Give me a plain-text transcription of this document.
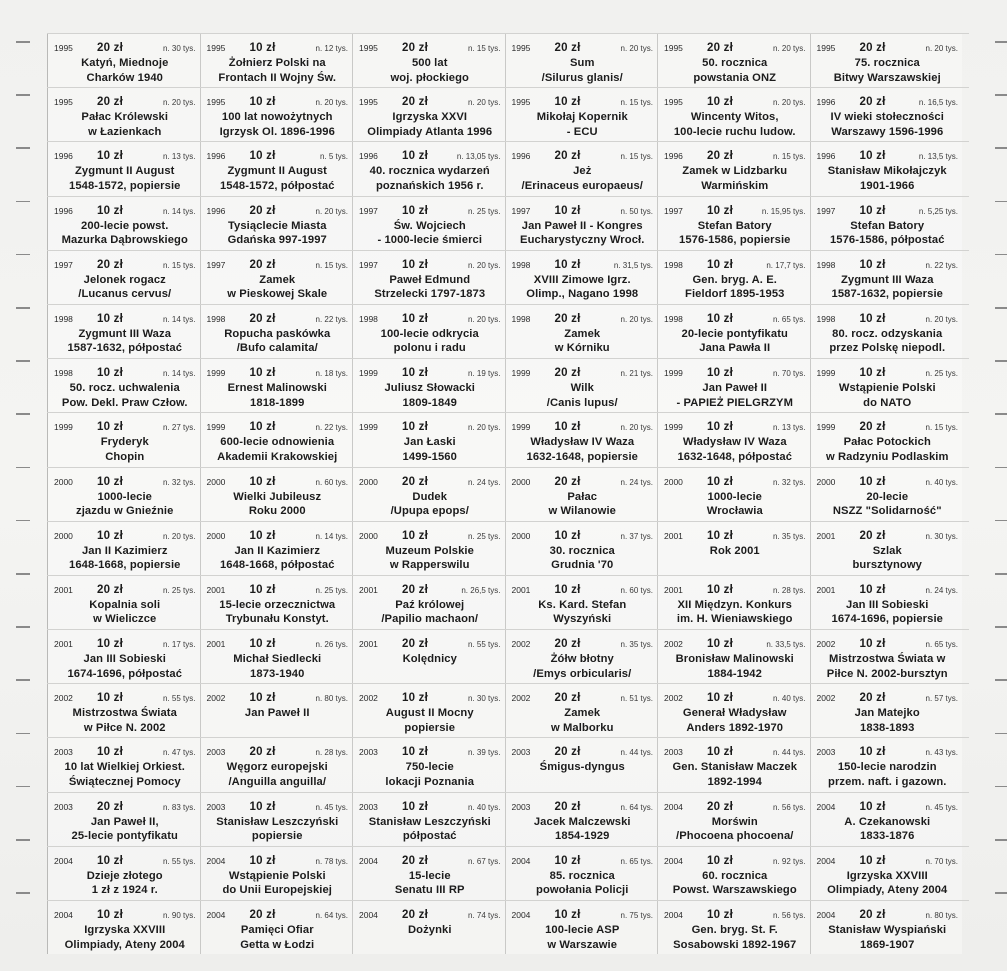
1995	20 zł	n. 30 tys.
Katyń, Miednoje
Charków 1940
1995	10 zł	n. 12 tys.
Żołnierz Polski na
Frontach II Wojny Św.
1995	20 zł	n. 15 tys.
500 lat
woj. płockiego
1995	20 zł	n. 20 tys.
Sum
/Silurus glanis/
1995	20 zł	n. 20 tys.
50. rocznica
powstania ONZ
1995	20 zł	n. 20 tys.
75. rocznica
Bitwy Warszawskiej
1995	20 zł	n. 20 tys.
Pałac Królewski
w Łazienkach
1995	10 zł	n. 20 tys.
100 lat nowożytnych
Igrzysk Ol. 1896-1996
1995	20 zł	n. 20 tys.
Igrzyska XXVI
Olimpiady Atlanta 1996
1995	10 zł	n. 15 tys.
Mikołaj Kopernik
- ECU
1995	10 zł	n. 20 tys.
Wincenty Witos,
100-lecie ruchu ludow.
1996	20 zł	n. 16,5 tys.
IV wieki stołeczności
Warszawy 1596-1996
1996	10 zł	n. 13 tys.
Zygmunt II August
1548-1572, popiersie
1996	10 zł	n. 5 tys.
Zygmunt II August
1548-1572, półpostać
1996	10 zł	n. 13,05 tys.
40. rocznica wydarzeń
poznańskich 1956 r.
1996	20 zł	n. 15 tys.
Jeż
/Erinaceus europaeus/
1996	20 zł	n. 15 tys.
Zamek w Lidzbarku
Warmińskim
1996	10 zł	n. 13,5 tys.
Stanisław Mikołajczyk
1901-1966
1996	10 zł	n. 14 tys.
200-lecie powst.
Mazurka Dąbrowskiego
1996	20 zł	n. 20 tys.
Tysiąclecie Miasta
Gdańska 997-1997
1997	10 zł	n. 25 tys.
Św. Wojciech
- 1000-lecie śmierci
1997	10 zł	n. 50 tys.
Jan Paweł II - Kongres
Eucharystyczny Wrocł.
1997	10 zł	n. 15,95 tys.
Stefan Batory
1576-1586, popiersie
1997	10 zł	n. 5,25 tys.
Stefan Batory
1576-1586, półpostać
1997	20 zł	n. 15 tys.
Jelonek rogacz
/Lucanus cervus/
1997	20 zł	n. 15 tys.
Zamek
w Pieskowej Skale
1997	10 zł	n. 20 tys.
Paweł Edmund
Strzelecki 1797-1873
1998	10 zł	n. 31,5 tys.
XVIII Zimowe Igrz.
Olimp., Nagano 1998
1998	10 zł	n. 17,7 tys.
Gen. bryg. A. E.
Fieldorf 1895-1953
1998	10 zł	n. 22 tys.
Zygmunt III Waza
1587-1632, popiersie
1998	10 zł	n. 14 tys.
Zygmunt III Waza
1587-1632, półpostać
1998	20 zł	n. 22 tys.
Ropucha paskówka
/Bufo calamita/
1998	10 zł	n. 20 tys.
100-lecie odkrycia
polonu i radu
1998	20 zł	n. 20 tys.
Zamek
w Kórniku
1998	10 zł	n. 65 tys.
20-lecie pontyfikatu
Jana Pawła II
1998	10 zł	n. 20 tys.
80. rocz. odzyskania
przez Polskę niepodl.
1998	10 zł	n. 14 tys.
50. rocz. uchwalenia
Pow. Dekl. Praw Człow.
1999	10 zł	n. 18 tys.
Ernest Malinowski
1818-1899
1999	10 zł	n. 19 tys.
Juliusz Słowacki
1809-1849
1999	20 zł	n. 21 tys.
Wilk
/Canis lupus/
1999	10 zł	n. 70 tys.
Jan Paweł II
- PAPIEŻ PIELGRZYM
1999	10 zł	n. 25 tys.
Wstąpienie Polski
do NATO
1999	10 zł	n. 27 tys.
Fryderyk
Chopin
1999	10 zł	n. 22 tys.
600-lecie odnowienia
Akademii Krakowskiej
1999	10 zł	n. 20 tys.
Jan Łaski
1499-1560
1999	10 zł	n. 20 tys.
Władysław IV Waza
1632-1648, popiersie
1999	10 zł	n. 13 tys.
Władysław IV Waza
1632-1648, półpostać
1999	20 zł	n. 15 tys.
Pałac Potockich
w Radzyniu Podlaskim
2000	10 zł	n. 32 tys.
1000-lecie
zjazdu w Gnieźnie
2000	10 zł	n. 60 tys.
Wielki Jubileusz
Roku 2000
2000	20 zł	n. 24 tys.
Dudek
/Upupa epops/
2000	20 zł	n. 24 tys.
Pałac
w Wilanowie
2000	10 zł	n. 32 tys.
1000-lecie
Wrocławia
2000	10 zł	n. 40 tys.
20-lecie
NSZZ "Solidarność"
2000	10 zł	n. 20 tys.
Jan II Kazimierz
1648-1668, popiersie
2000	10 zł	n. 14 tys.
Jan II Kazimierz
1648-1668, półpostać
2000	10 zł	n. 25 tys.
Muzeum Polskie
w Rapperswilu
2000	10 zł	n. 37 tys.
30. rocznica
Grudnia '70
2001	10 zł	n. 35 tys.
Rok 2001
2001	20 zł	n. 30 tys.
Szlak
bursztynowy
2001	20 zł	n. 25 tys.
Kopalnia soli
w Wieliczce
2001	10 zł	n. 25 tys.
15-lecie orzecznictwa
Trybunału Konstyt.
2001	20 zł	n. 26,5 tys.
Paź królowej
/Papilio machaon/
2001	10 zł	n. 60 tys.
Ks. Kard. Stefan
Wyszyński
2001	10 zł	n. 28 tys.
XII Międzyn. Konkurs
im. H. Wieniawskiego
2001	10 zł	n. 24 tys.
Jan III Sobieski
1674-1696, popiersie
2001	10 zł	n. 17 tys.
Jan III Sobieski
1674-1696, półpostać
2001	10 zł	n. 26 tys.
Michał Siedlecki
1873-1940
2001	20 zł	n. 55 tys.
Kolędnicy
2002	20 zł	n. 35 tys.
Żółw błotny
/Emys orbicularis/
2002	10 zł	n. 33,5 tys.
Bronisław Malinowski
1884-1942
2002	10 zł	n. 65 tys.
Mistrzostwa Świata w
Piłce N. 2002-bursztyn
2002	10 zł	n. 55 tys.
Mistrzostwa Świata
w Piłce N. 2002
2002	10 zł	n. 80 tys.
Jan Paweł II
2002	10 zł	n. 30 tys.
August II Mocny
popiersie
2002	20 zł	n. 51 tys.
Zamek
w Malborku
2002	10 zł	n. 40 tys.
Generał Władysław
Anders 1892-1970
2002	20 zł	n. 57 tys.
Jan Matejko
1838-1893
2003	10 zł	n. 47 tys.
10 lat Wielkiej Orkiest.
Świątecznej Pomocy
2003	20 zł	n. 28 tys.
Węgorz europejski
/Anguilla anguilla/
2003	10 zł	n. 39 tys.
750-lecie
lokacji Poznania
2003	20 zł	n. 44 tys.
Śmigus-dyngus
2003	10 zł	n. 44 tys.
Gen. Stanisław Maczek
1892-1994
2003	10 zł	n. 43 tys.
150-lecie narodzin
przem. naft. i gazown.
2003	20 zł	n. 83 tys.
Jan Paweł II,
25-lecie pontyfikatu
2003	10 zł	n. 45 tys.
Stanisław Leszczyński
popiersie
2003	10 zł	n. 40 tys.
Stanisław Leszczyński
półpostać
2003	20 zł	n. 64 tys.
Jacek Malczewski
1854-1929
2004	20 zł	n. 56 tys.
Morświn
/Phocoena phocoena/
2004	10 zł	n. 45 tys.
A. Czekanowski
1833-1876
2004	10 zł	n. 55 tys.
Dzieje złotego
1 zł z 1924 r.
2004	10 zł	n. 78 tys.
Wstąpienie Polski
do Unii Europejskiej
2004	20 zł	n. 67 tys.
15-lecie
Senatu III RP
2004	10 zł	n. 65 tys.
85. rocznica
powołania Policji
2004	10 zł	n. 92 tys.
60. rocznica
Powst. Warszawskiego
2004	10 zł	n. 70 tys.
Igrzyska XXVIII
Olimpiady, Ateny 2004
2004	10 zł	n. 90 tys.
Igrzyska XXVIII
Olimpiady, Ateny 2004
2004	20 zł	n. 64 tys.
Pamięci Ofiar
Getta w Łodzi
2004	20 zł	n. 74 tys.
Dożynki
2004	10 zł	n. 75 tys.
100-lecie ASP
w Warszawie
2004	10 zł	n. 56 tys.
Gen. bryg. St. F.
Sosabowski 1892-1967
2004	20 zł	n. 80 tys.
Stanisław Wyspiański
1869-1907
